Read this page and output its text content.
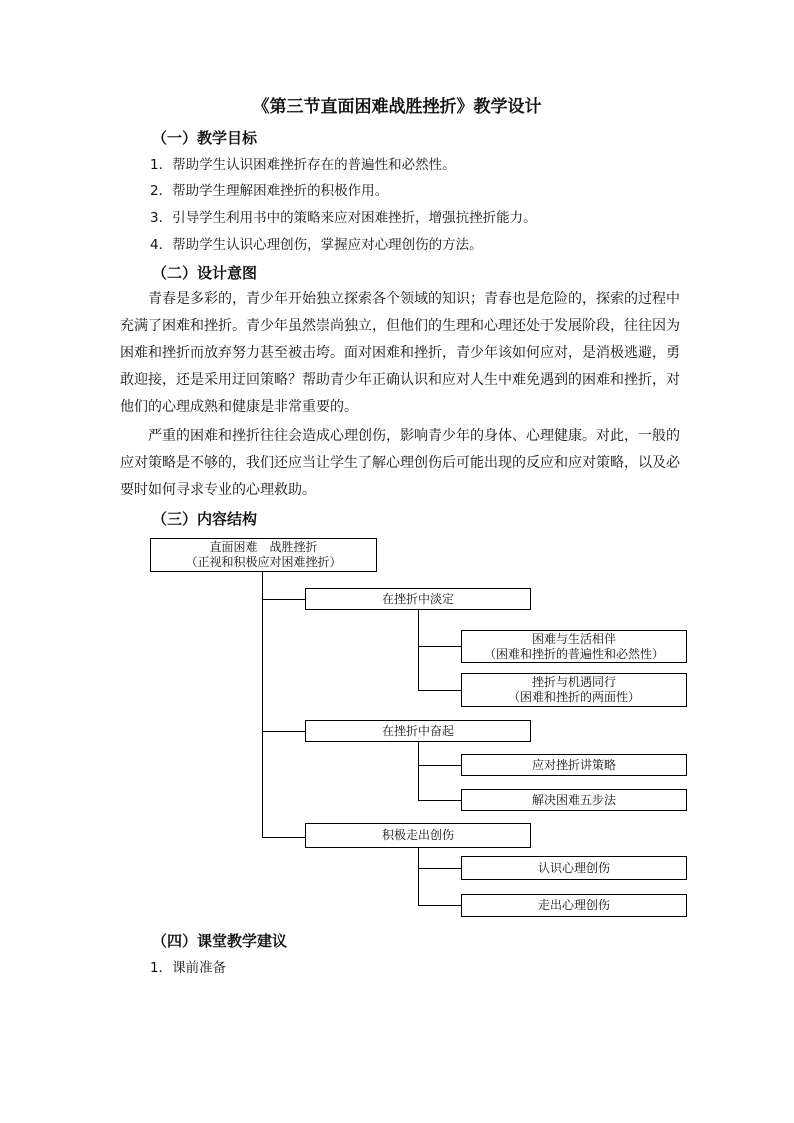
《第三节直面困难战胜挫折》教学设计
（一）教学目标
1．帮助学生认识困难挫折存在的普遍性和必然性。
2．帮助学生理解困难挫折的积极作用。
3．引导学生利用书中的策略来应对困难挫折，增强抗挫折能力。
4．帮助学生认识心理创伤，掌握应对心理创伤的方法。
（二）设计意图

青春是多彩的，青少年开始独立探索各个领域的知识；青春也是危险的，探索的过程中充满了困难和挫折。青少年虽然崇尚独立，但他们的生理和心理还处于发展阶段，往往因为困难和挫折而放弃努力甚至被击垮。面对困难和挫折，青少年该如何应对，是消极逃避，勇敢迎接，还是采用迂回策略？帮助青少年正确认识和应对人生中难免遇到的困难和挫折，对他们的心理成熟和健康是非常重要的。

严重的困难和挫折往往会造成心理创伤，影响青少年的身体、心理健康。对此，一般的应对策略是不够的，我们还应当让学生了解心理创伤后可能出现的反应和应对策略，以及必要时如何寻求专业的心理救助。

（三）内容结构
直面困难　战胜挫折
（正视和积极应对困难挫折）
在挫折中淡定
困难与生活相伴
（困难和挫折的普遍性和必然性）
挫折与机遇同行
（困难和挫折的两面性）
在挫折中奋起
应对挫折讲策略
解决困难五步法
积极走出创伤
认识心理创伤
走出心理创伤
（四）课堂教学建议
1．课前准备
